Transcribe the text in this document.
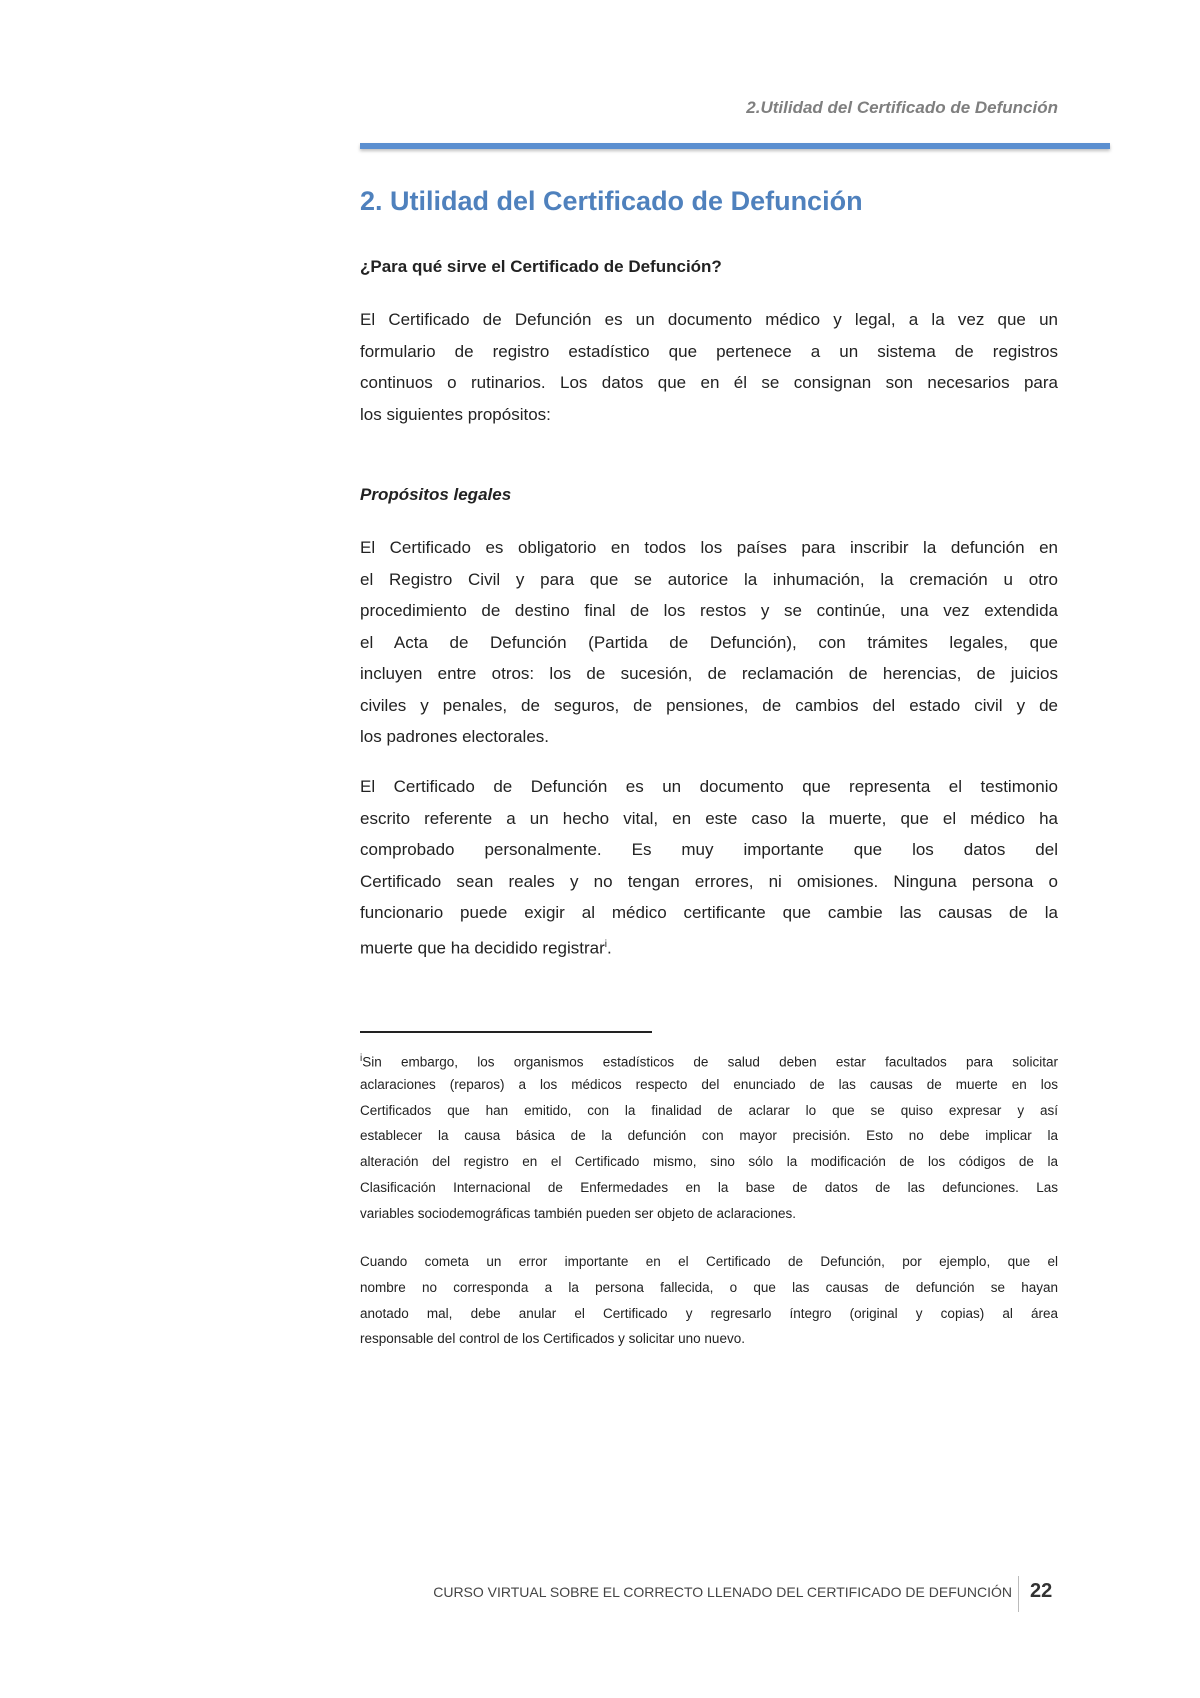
2.Utilidad del Certificado de Defunción
2. Utilidad del Certificado de Defunción
¿Para qué sirve el Certificado de Defunción?
El Certificado de Defunción es un documento médico y legal, a la vez que un
formulario de registro estadístico que pertenece a un sistema de registros
continuos o rutinarios. Los datos que en él se consignan son necesarios para
los siguientes propósitos:
Propósitos legales
El Certificado es obligatorio en todos los países para inscribir la defunción en
el Registro Civil y para que se autorice la inhumación, la cremación u otro
procedimiento de destino final de los restos y se continúe, una vez extendida
el Acta de Defunción (Partida de Defunción), con trámites legales, que
incluyen entre otros: los de sucesión, de reclamación de herencias, de juicios
civiles y penales, de seguros, de pensiones, de cambios del estado civil y de
los padrones electorales.
El Certificado de Defunción es un documento que representa el testimonio
escrito referente a un hecho vital, en este caso la muerte, que el médico ha
comprobado personalmente. Es muy importante que los datos del
Certificado sean reales y no tengan errores, ni omisiones. Ninguna persona o
funcionario puede exigir al médico certificante que cambie las causas de la
muerte que ha decidido registrar$^i$.
$^i$Sin embargo, los organismos estadísticos de salud deben estar facultados para solicitar
aclaraciones (reparos) a los médicos respecto del enunciado de las causas de muerte en los
Certificados que han emitido, con la finalidad de aclarar lo que se quiso expresar y así
establecer la causa básica de la defunción con mayor precisión. Esto no debe implicar la
alteración del registro en el Certificado mismo, sino sólo la modificación de los códigos de la
Clasificación Internacional de Enfermedades en la base de datos de las defunciones. Las
variables sociodemográficas también pueden ser objeto de aclaraciones.
Cuando cometa un error importante en el Certificado de Defunción, por ejemplo, que el
nombre no corresponda a la persona fallecida, o que las causas de defunción se hayan
anotado mal, debe anular el Certificado y regresarlo íntegro (original y copias) al área
responsable del control de los Certificados y solicitar uno nuevo.
CURSO VIRTUAL SOBRE EL CORRECTO LLENADO DEL CERTIFICADO DE DEFUNCIÓN 22
